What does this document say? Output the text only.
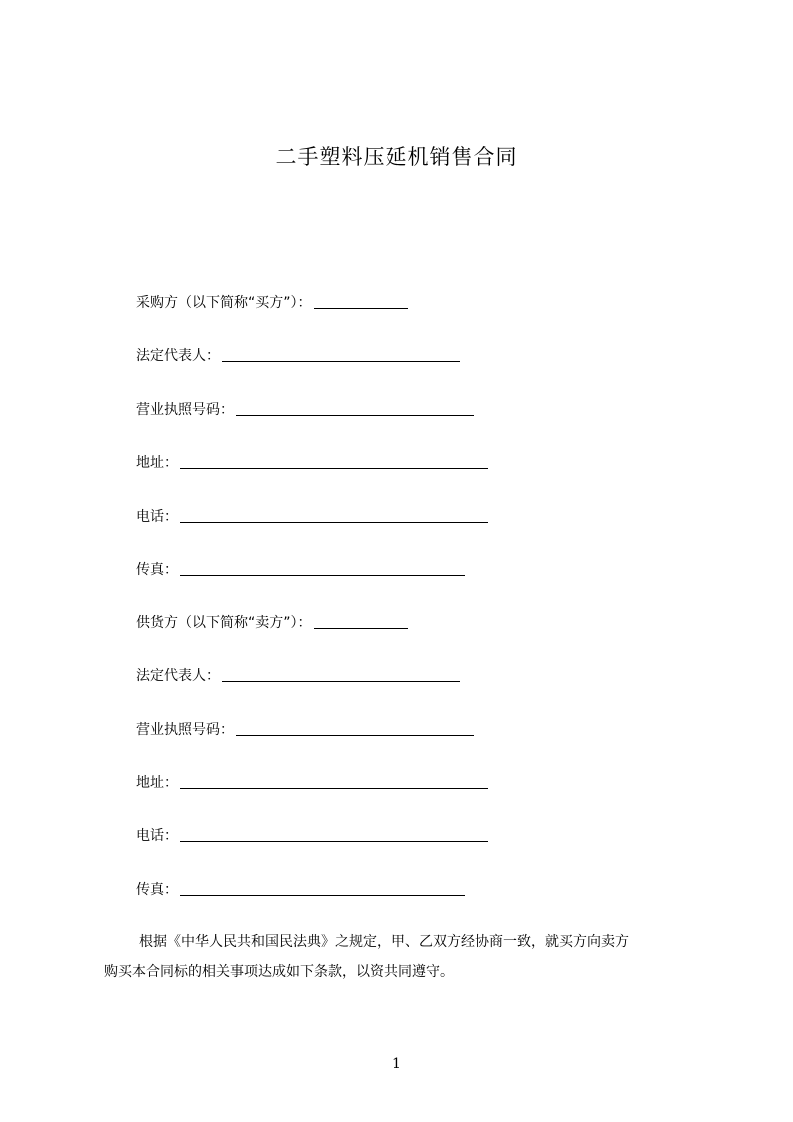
二手塑料压延机销售合同
采购方（以下简称“买方”）：
法定代表人：
营业执照号码：
地址：
电话：
传真：
供货方（以下简称“卖方”）：
法定代表人：
营业执照号码：
地址：
电话：
传真：

根据《中华人民共和国民法典》之规定，甲、乙双方经协商一致，就买方向卖方
购买本合同标的相关事项达成如下条款，以资共同遵守。

1
